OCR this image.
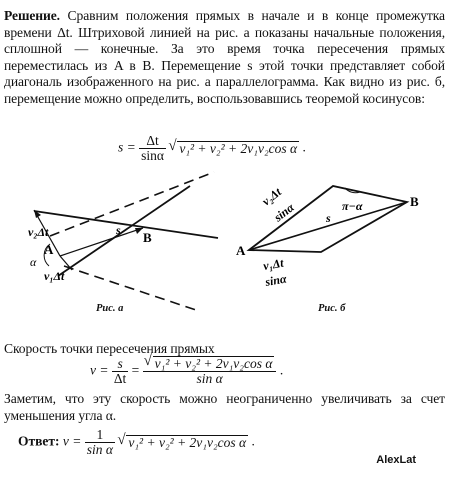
Решение. Сравним положения прямых в начале и в конце промежутка времени Δt. Штриховой линией на рис. а показаны начальные положения, сплошной — конечные. За это время точка пересечения прямых переместилась из A в B. Перемещение s этой точки представляет собой диагональ изображенного на рис. а параллелограмма. Как видно из рис. б, перемещение можно определить, воспользовавшись теоремой косинусов:
$s = \frac{\Delta t}{\sin\alpha}$ √ v₁² + v₂² + 2v₁v₂cos α .
v₂Δt
A
α
v₁Δt
s B
Рис. а
v₂Δt
sinα	π−α
s
A
B
v₁Δt
sinα
Рис. б
Скорость точки пересечения прямых
$v = \frac{s}{\Delta t}$ = √ $\frac{\text{v₁² + v₂² + 2v₁v₂cos α}}{\text{sin α}}$ .
Заметим, что эту скорость можно неограниченно увеличивать за счет уменьшения угла α.
Ответ: $v = \frac{1}{\text{sin α}}$ √ v₁² + v₂² + 2v₁v₂cos α .
AlexLat
